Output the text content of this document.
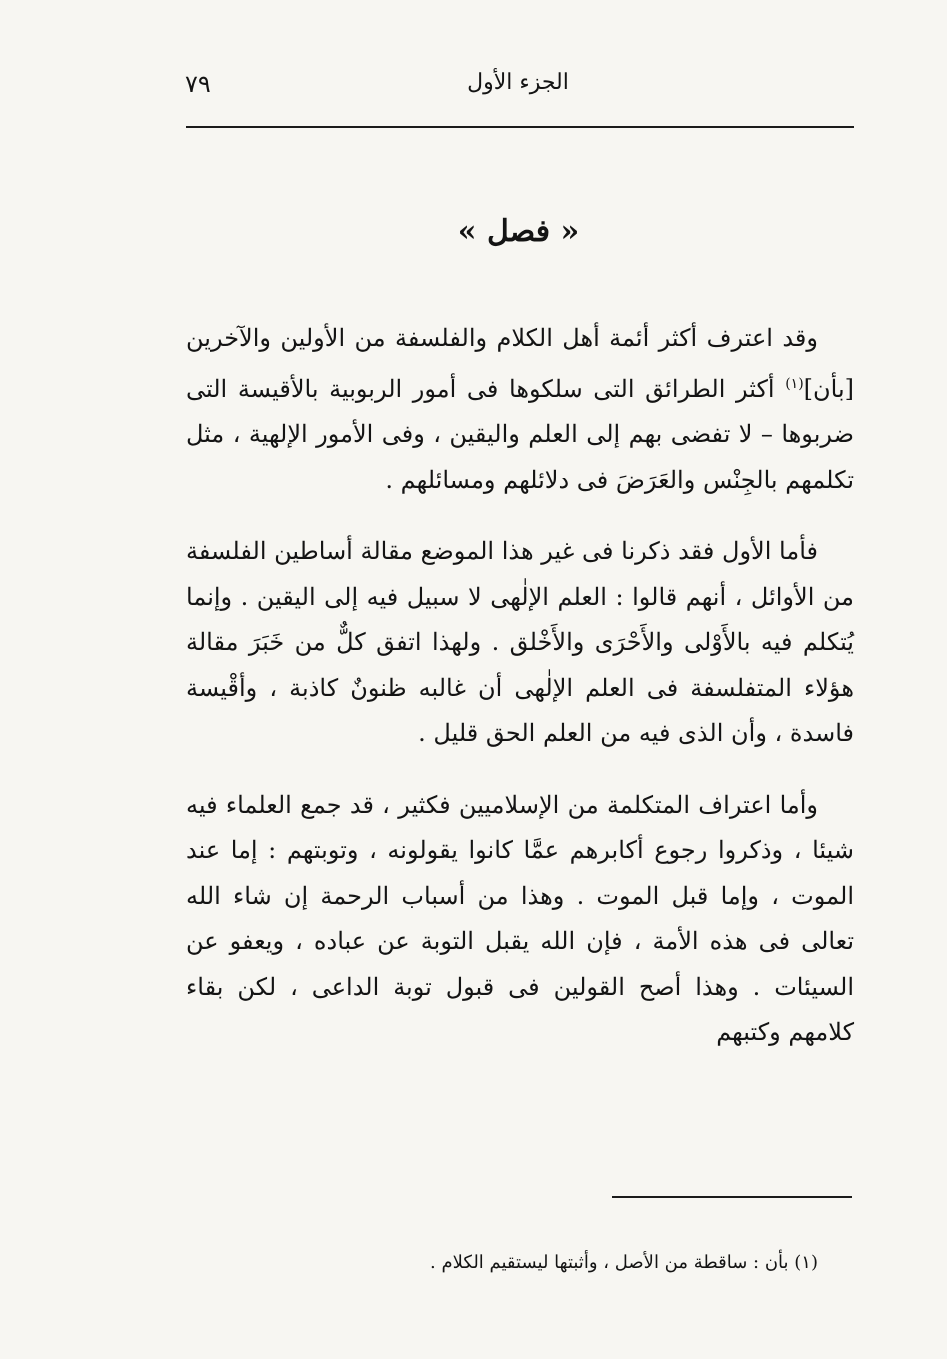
الجزء الأول
٧٩
« فصل »

وقد اعترف أكثر أئمة أهل الكلام والفلسفة من الأولين والآخرين [بأن]$^{(١)}$ أكثر الطرائق التى سلكوها فى أمور الربوبية بالأقيسة التى ضربوها – لا تفضى بهم إلى العلم واليقين ، وفى الأمور الإلهية ، مثل تكلمهم بالجِنْس والعَرَضَ فى دلائلهم ومسائلهم .

فأما الأول فقد ذكرنا فى غير هذا الموضع مقالة أساطين الفلسفة من الأوائل ، أنهم قالوا : العلم الإلٰهى لا سبيل فيه إلى اليقين . وإنما يُتكلم فيه بالأَوْلى والأَحْرَى والأَخْلق . ولهذا اتفق كلٌّ من خَبَرَ مقالة هؤلاء المتفلسفة فى العلم الإلٰهى أن غالبه ظنونٌ كاذبة ، وأقْيسة فاسدة ، وأن الذى فيه من العلم الحق قليل .

وأما اعتراف المتكلمة من الإسلاميين فكثير ، قد جمع العلماء فيه شيئا ، وذكروا رجوع أكابرهم عمَّا كانوا يقولونه ، وتوبتهم : إما عند الموت ، وإما قبل الموت . وهذا من أسباب الرحمة إن شاء الله تعالى فى هذه الأمة ، فإن الله يقبل التوبة عن عباده ، ويعفو عن السيئات . وهذا أصح القولين فى قبول توبة الداعى ، لكن بقاء كلامهم وكتبهم

(١) بأن : ساقطة من الأصل ، وأثبتها ليستقيم الكلام .
